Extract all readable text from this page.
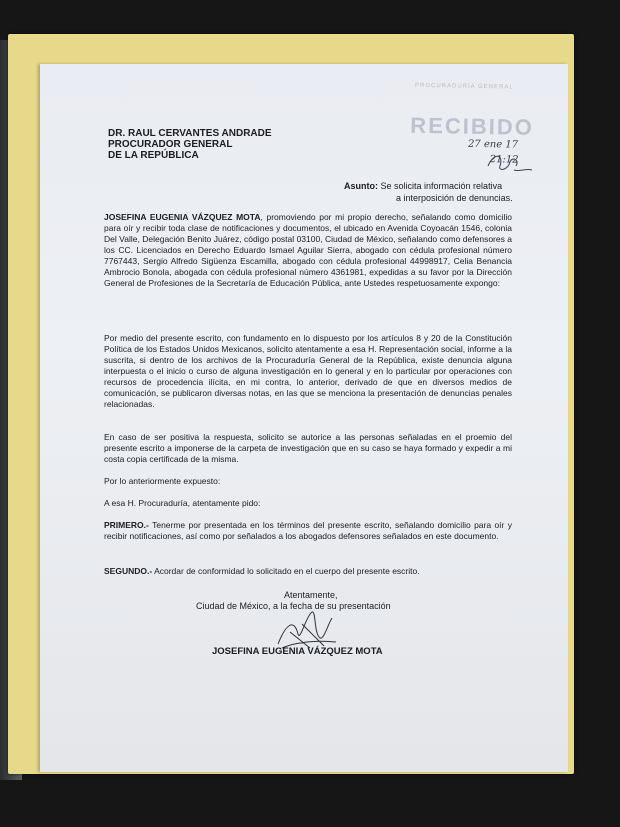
PROCURADURÍA GENERAL
RECIBIDO
27 ene 17
21:12
DR. RAUL CERVANTES ANDRADE
PROCURADOR GENERAL
DE LA REPÚBLICA
Asunto: Se solicita información relativa
a interposición de denuncias.
JOSEFINA EUGENIA VÁZQUEZ MOTA, promoviendo por mi propio derecho, señalando como domicilio para oír y recibir toda clase de notificaciones y documentos, el ubicado en Avenida Coyoacán 1546, colonia Del Valle, Delegación Benito Juárez, código postal 03100, Ciudad de México, señalando como defensores a los CC. Licenciados en Derecho Eduardo Ismael Aguilar Sierra, abogado con cédula profesional número 7767443, Sergio Alfredo Sigüenza Escamilla, abogado con cédula profesional 44998917, Celia Benancia Ambrocio Bonola, abogada con cédula profesional número 4361981, expedidas a su favor por la Dirección General de Profesiones de la Secretaría de Educación Pública, ante Ustedes respetuosamente expongo:
Por medio del presente escrito, con fundamento en lo dispuesto por los artículos 8 y 20 de la Constitución Política de los Estados Unidos Mexicanos, solicito atentamente a esa H. Representación social, informe a la suscrita, si dentro de los archivos de la Procuraduría General de la República, existe denuncia alguna interpuesta o el inicio o curso de alguna investigación en lo general y en lo particular por operaciones con recursos de procedencia ilícita, en mi contra, lo anterior, derivado de que en diversos medios de comunicación, se publicaron diversas notas, en las que se menciona la presentación de denuncias penales relacionadas.
En caso de ser positiva la respuesta, solicito se autorice a las personas señaladas en el proemio del presente escrito a imponerse de la carpeta de investigación que en su caso se haya formado y expedir a mi costa copia certificada de la misma.
Por lo anteriormente expuesto:
A esa H. Procuraduría, atentamente pido:
PRIMERO.- Tenerme por presentada en los términos del presente escrito, señalando domicilio para oír y recibir notificaciones, así como por señalados a los abogados defensores señalados en este documento.
SEGUNDO.- Acordar de conformidad lo solicitado en el cuerpo del presente escrito.
Atentamente,
Ciudad de México, a la fecha de su presentación
JOSEFINA EUGENIA VÁZQUEZ MOTA
